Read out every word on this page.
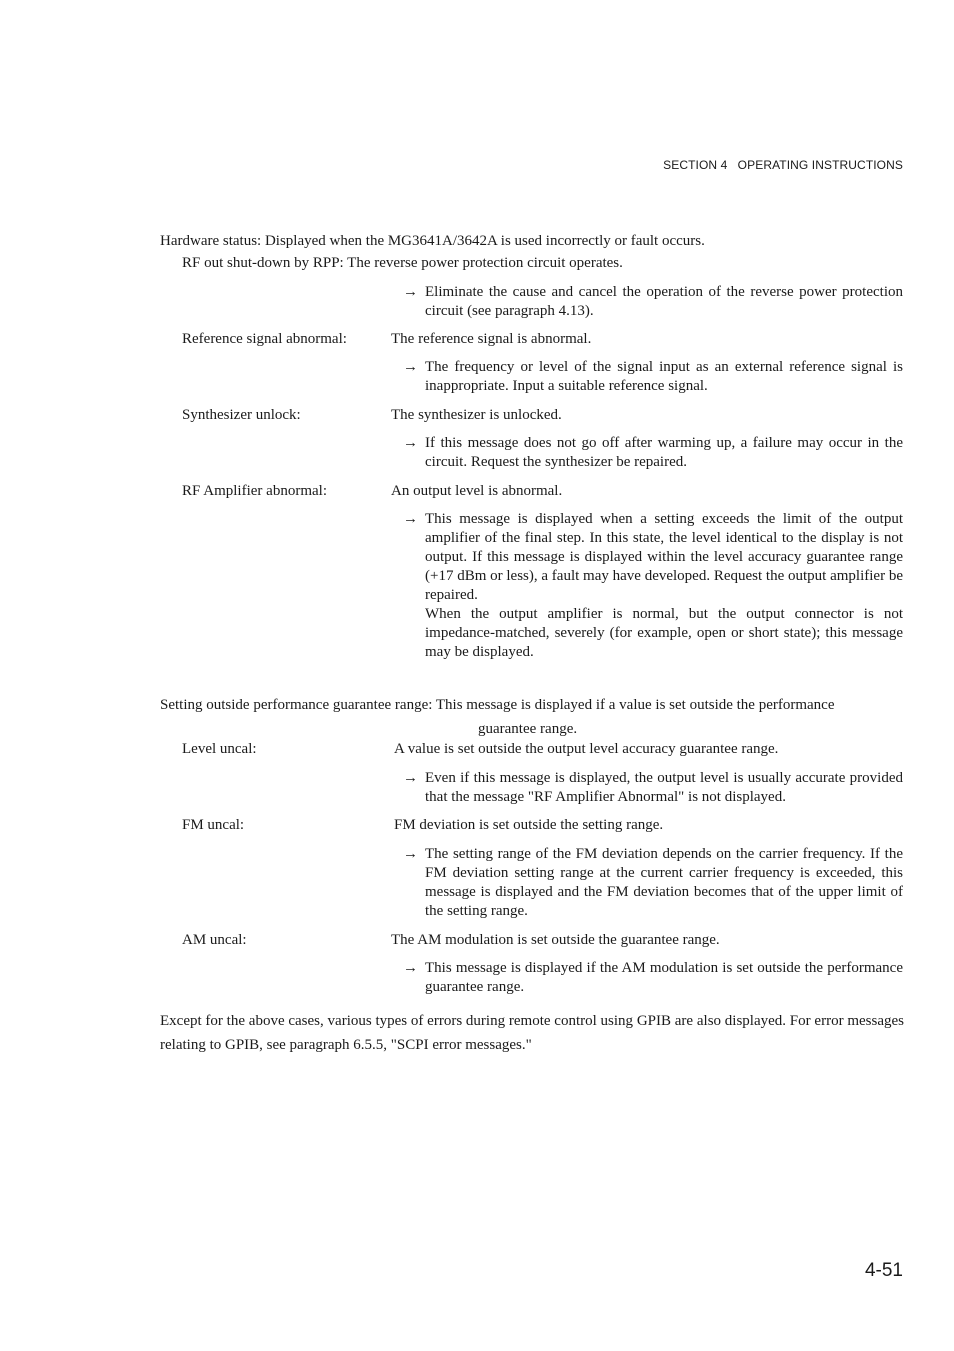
SECTION 4 OPERATING INSTRUCTIONS
Hardware status: Displayed when the MG3641A/3642A is used incorrectly or fault occurs.
RF out shut-down by RPP: The reverse power protection circuit operates.
→ Eliminate the cause and cancel the operation of the reverse power protection circuit (see paragraph 4.13).
Reference signal abnormal:	The reference signal is abnormal.
→ The frequency or level of the signal input as an external reference signal is inappropriate. Input a suitable reference signal.
Synthesizer unlock:	The synthesizer is unlocked.
→ If this message does not go off after warming up, a failure may occur in the circuit. Request the synthesizer be repaired.
RF Amplifier abnormal:	An output level is abnormal.
→ This message is displayed when a setting exceeds the limit of the output amplifier of the final step. In this state, the level identical to the display is not output. If this message is displayed within the level accuracy guarantee range (+17 dBm or less), a fault may have developed. Request the output amplifier be repaired.
When the output amplifier is normal, but the output connector is not impedance-matched, severely (for example, open or short state); this message may be displayed.
Setting outside performance guarantee range: This message is displayed if a value is set outside the performance
guarantee range.
Level uncal:	A value is set outside the output level accuracy guarantee range.
→ Even if this message is displayed, the output level is usually accurate provided that the message "RF Amplifier Abnormal" is not displayed.
FM uncal:	FM deviation is set outside the setting range.
→ The setting range of the FM deviation depends on the carrier frequency. If the FM deviation setting range at the current carrier frequency is exceeded, this message is displayed and the FM deviation becomes that of the upper limit of the setting range.
AM uncal:	The AM modulation is set outside the guarantee range.
→ This message is displayed if the AM modulation is set outside the performance guarantee range.
Except for the above cases, various types of errors during remote control using GPIB are also displayed. For error messages relating to GPIB, see paragraph 6.5.5, "SCPI error messages."
4-51
